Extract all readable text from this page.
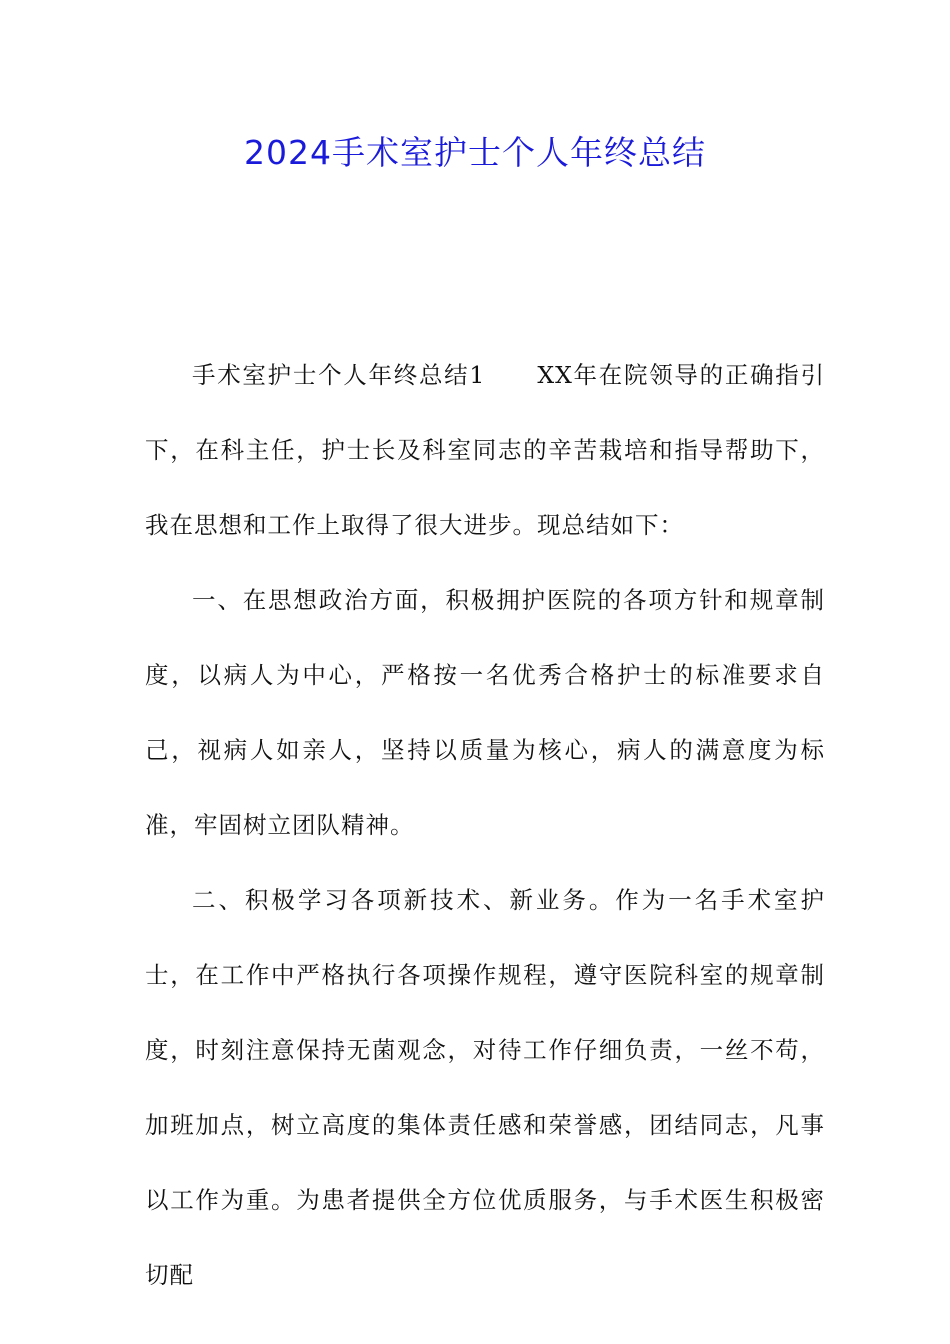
2024手术室护士个人年终总结

手术室护士个人年终总结1 XX年在院领导的正确指引下，在科主任，护士长及科室同志的辛苦栽培和指导帮助下，我在思想和工作上取得了很大进步。现总结如下：

一、在思想政治方面，积极拥护医院的各项方针和规章制度，以病人为中心，严格按一名优秀合格护士的标准要求自己，视病人如亲人，坚持以质量为核心，病人的满意度为标准，牢固树立团队精神。

二、积极学习各项新技术、新业务。作为一名手术室护士，在工作中严格执行各项操作规程，遵守医院科室的规章制度，时刻注意保持无菌观念，对待工作仔细负责，一丝不苟，加班加点，树立高度的集体责任感和荣誉感，团结同志，凡事以工作为重。为患者提供全方位优质服务，与手术医生积极密切配
